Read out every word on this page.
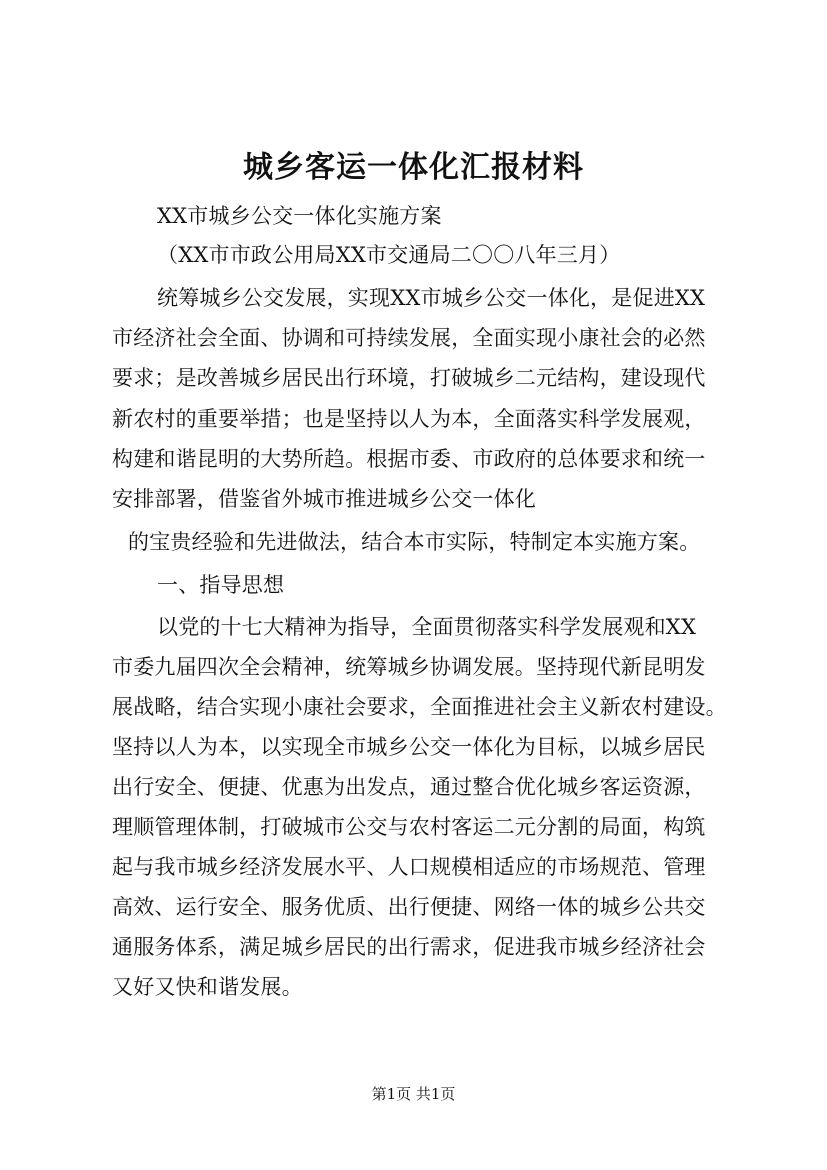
城乡客运一体化汇报材料
XX市城乡公交一体化实施方案
（XX市市政公用局XX市交通局二〇〇八年三月）
统筹城乡公交发展，实现XX市城乡公交一体化，是促进XX
市经济社会全面、协调和可持续发展，全面实现小康社会的必然
要求；是改善城乡居民出行环境，打破城乡二元结构，建设现代
新农村的重要举措；也是坚持以人为本，全面落实科学发展观，
构建和谐昆明的大势所趋。根据市委、市政府的总体要求和统一
安排部署，借鉴省外城市推进城乡公交一体化
的宝贵经验和先进做法，结合本市实际，特制定本实施方案。
一、指导思想
以党的十七大精神为指导，全面贯彻落实科学发展观和XX
市委九届四次全会精神，统筹城乡协调发展。坚持现代新昆明发
展战略，结合实现小康社会要求，全面推进社会主义新农村建设。
坚持以人为本，以实现全市城乡公交一体化为目标，以城乡居民
出行安全、便捷、优惠为出发点，通过整合优化城乡客运资源，
理顺管理体制，打破城市公交与农村客运二元分割的局面，构筑
起与我市城乡经济发展水平、人口规模相适应的市场规范、管理
高效、运行安全、服务优质、出行便捷、网络一体的城乡公共交
通服务体系，满足城乡居民的出行需求，促进我市城乡经济社会
又好又快和谐发展。
第1页 共1页
